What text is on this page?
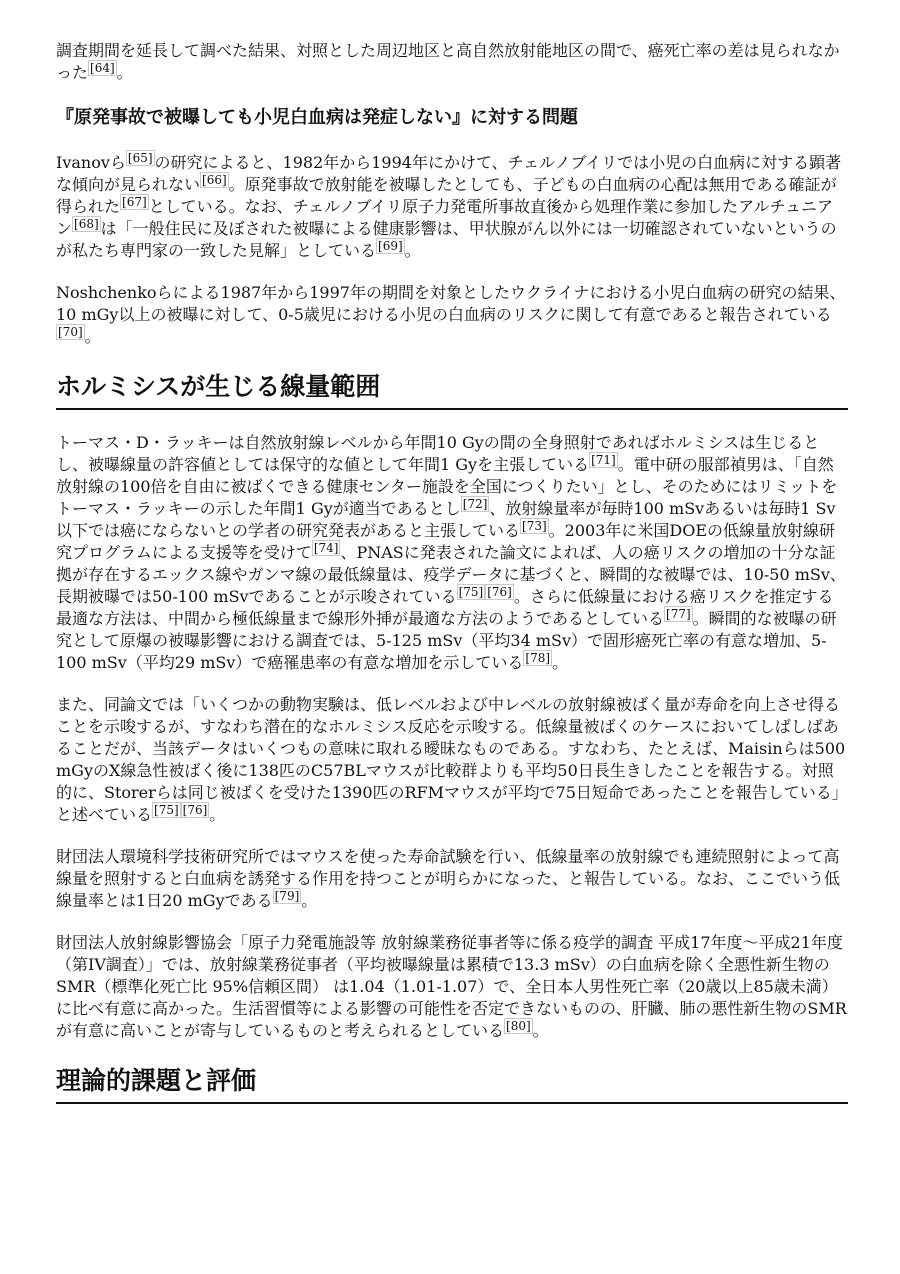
調査期間を延長して調べた結果、対照とした周辺地区と高自然放射能地区の間で、癌死亡率の差は見られなかった [64] 。

『原発事故で被曝しても小児白血病は発症しない』に対する問題

Ivanovら [65] の研究によると、1982年から1994年にかけて、チェルノブイリでは小児の白血病に対する顕著な傾向が見られない [66] 。原発事故で放射能を被曝したとしても、子どもの白血病の心配は無用である確証が得られた [67] としている。なお、チェルノブイリ原子力発電所事故直後から処理作業に参加したアルチュニアン [68] は「一般住民に及ぼされた被曝による健康影響は、甲状腺がん以外には一切確認されていないというのが私たち専門家の一致した見解」としている [69] 。

Noshchenkoらによる1987年から1997年の期間を対象としたウクライナにおける小児白血病の研究の結果、10 mGy以上の被曝に対して、0-5歳児における小児の白血病のリスクに関して有意であると報告されている[70] 。

ホルミシスが生じる線量範囲

トーマス・D・ラッキーは自然放射線レベルから年間10 Gyの間の全身照射であればホルミシスは生じるとし、被曝線量の許容値としては保守的な値として年間1 Gyを主張している [71] 。電中研の服部禎男は、「自然放射線の100倍を自由に被ばくできる健康センター施設を全国につくりたい」とし、そのためにはリミットをトーマス・ラッキーの示した年間1 Gyが適当であるとし [72] 、放射線量率が毎時100 mSvあるいは毎時1 Sv以下では癌にならないとの学者の研究発表があると主張している [73] 。2003年に米国DOEの低線量放射線研究プログラムによる支援等を受けて [74] 、PNASに発表された論文によれば、人の癌リスクの増加の十分な証拠が存在するエックス線やガンマ線の最低線量は、疫学データに基づくと、瞬間的な被曝では、10-50 mSv、長期被曝では50-100 mSvであることが示唆されている [75] [76] 。さらに低線量における癌リスクを推定する最適な方法は、中間から極低線量まで線形外挿が最適な方法のようであるとしている [77] 。瞬間的な被曝の研究として原爆の被曝影響における調査では、5-125 mSv（平均34 mSv）で固形癌死亡率の有意な増加、5-100 mSv（平均29 mSv）で癌罹患率の有意な増加を示している [78] 。

また、同論文では「いくつかの動物実験は、低レベルおよび中レベルの放射線被ばく量が寿命を向上させ得ることを示唆するが、すなわち潜在的なホルミシス反応を示唆する。低線量被ばくのケースにおいてしばしばあることだが、当該データはいくつもの意味に取れる曖昧なものである。すなわち、たとえば、Maisinらは500 mGyのX線急性被ばく後に138匹のC57BLマウスが比較群よりも平均50日長生きしたことを報告する。対照的に、Storerらは同じ被ばくを受けた1390匹のRFMマウスが平均で75日短命であったことを報告している」と述べている [75] [76] 。

財団法人環境科学技術研究所ではマウスを使った寿命試験を行い、低線量率の放射線でも連続照射によって高線量を照射すると白血病を誘発する作用を持つことが明らかになった、と報告している。なお、ここでいう低線量率とは1日20 mGyである [79] 。

財団法人放射線影響協会「原子力発電施設等 放射線業務従事者等に係る疫学的調査 平成17年度〜平成21年度（第IV調査）」では、放射線業務従事者（平均被曝線量は累積で13.3 mSv）の白血病を除く全悪性新生物のSMR（標準化死亡比 95%信頼区間） は1.04（1.01-1.07）で、全日本人男性死亡率（20歳以上85歳未満）に比べ有意に高かった。生活習慣等による影響の可能性を否定できないものの、肝臓、肺の悪性新生物のSMRが有意に高いことが寄与しているものと考えられるとしている [80] 。

理論的課題と評価
